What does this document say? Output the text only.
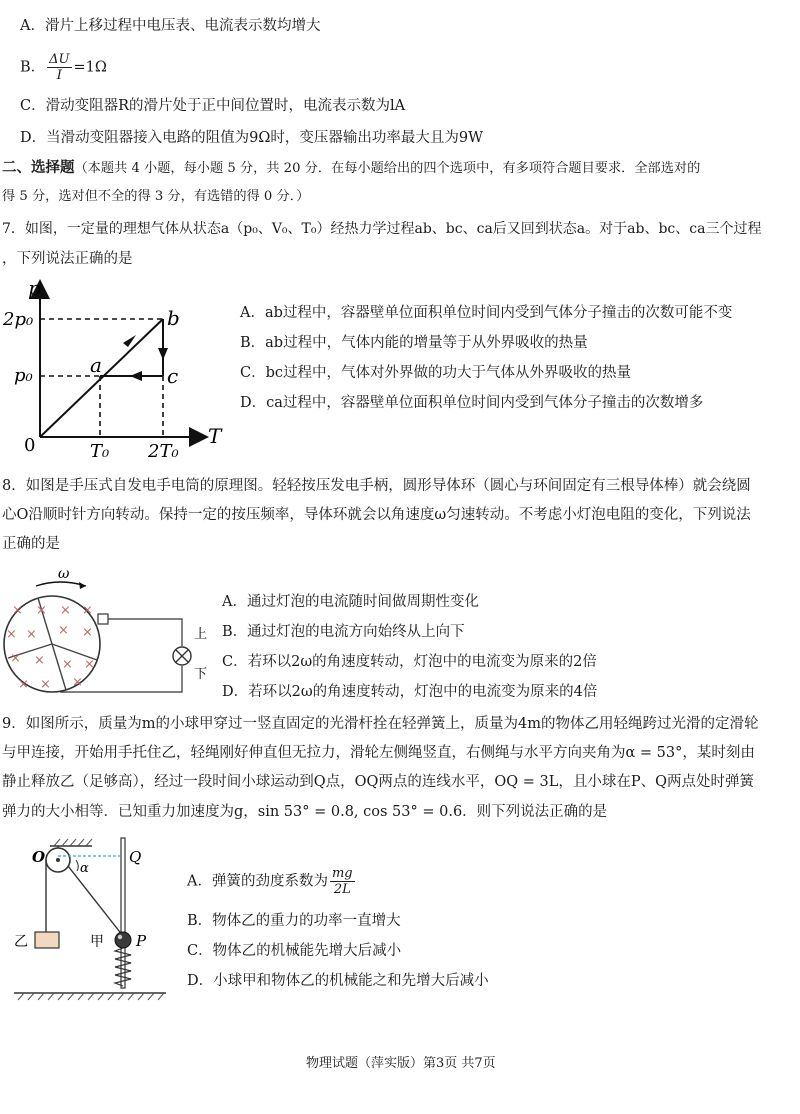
A．滑片上移过程中电压表、电流表示数均增大
B． $\frac{\Delta U}{I} =1\Omega$
C．滑动变阻器R的滑片处于正中间位置时，电流表示数为lA
D．当滑动变阻器接入电路的阻值为9Ω时，变压器输出功率最大且为9W
二、选择题（本题共 4 小题，每小题 5 分，共 20 分．在每小题给出的四个选项中，有多项符合题目要求．全部选对的
得 5 分，选对但不全的得 3 分，有选错的得 0 分．）
7．如图，一定量的理想气体从状态a（p₀、V₀、T₀）经热力学过程ab、bc、ca后又回到状态a。对于ab、bc、ca三个过程
，下列说法正确的是
p
T
0
2p₀
p₀
T₀ 2T₀
a
b
c
A．ab过程中，容器壁单位面积单位时间内受到气体分子撞击的次数可能不变
B．ab过程中，气体内能的增量等于从外界吸收的热量
C．bc过程中，气体对外界做的功大于气体从外界吸收的热量
D．ca过程中，容器壁单位面积单位时间内受到气体分子撞击的次数增多
8．如图是手压式自发电手电筒的原理图。轻轻按压发电手柄，圆形导体环（圆心与环间固定有三根导体棒）就会绕圆
心O沿顺时针方向转动。保持一定的按压频率，导体环就会以角速度ω匀速转动。不考虑小灯泡电阻的变化，下列说法
正确的是
ω
× × × ×
× × × ×
× × × ×
× × ×
上
下
A．通过灯泡的电流随时间做周期性变化
B．通过灯泡的电流方向始终从上向下
C．若环以2ω的角速度转动，灯泡中的电流变为原来的2倍
D．若环以2ω的角速度转动，灯泡中的电流变为原来的4倍
9．如图所示，质量为m的小球甲穿过一竖直固定的光滑杆拴在轻弹簧上，质量为4m的物体乙用轻绳跨过光滑的定滑轮
与甲连接，开始用手托住乙，轻绳刚好伸直但无拉力，滑轮左侧绳竖直，右侧绳与水平方向夹角为α = 53°，某时刻由
静止释放乙（足够高），经过一段时间小球运动到Q点，OQ两点的连线水平，OQ = 3L，且小球在P、Q两点处时弹簧
弹力的大小相等．已知重力加速度为g，sin 53° = 0.8, cos 53° = 0.6．则下列说法正确的是
O	Q
α
P
乙	甲
A．弹簧的劲度系数为 $\frac{mg}{2L}$
B．物体乙的重力的功率一直增大
C．物体乙的机械能先增大后减小
D．小球甲和物体乙的机械能之和先增大后减小
物理试题（萍实版）第3页 共7页
